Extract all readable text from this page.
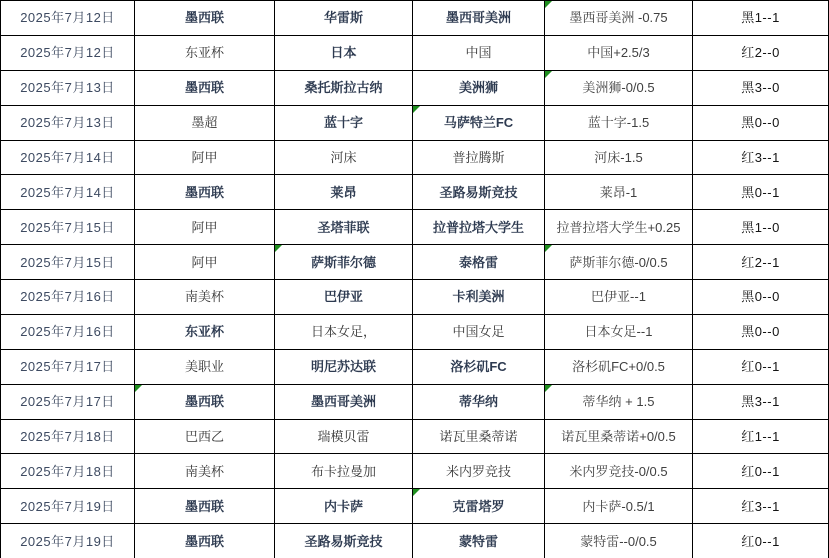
2025年7月12日	墨西联	华雷斯	墨西哥美洲	墨西哥美洲 -0.75	黑1--1
2025年7月12日	东亚杯	日本	中国	中国+2.5/3	红2--0
2025年7月13日	墨西联	桑托斯拉古纳	美洲狮	美洲狮-0/0.5	黑3--0
2025年7月13日	墨超	蓝十字	马萨特兰FC	蓝十字-1.5	黑0--0
2025年7月14日	阿甲	河床	普拉腾斯	河床-1.5	红3--1
2025年7月14日	墨西联	莱昂	圣路易斯竞技	莱昂-1	黑0--1
2025年7月15日	阿甲	圣塔菲联	拉普拉塔大学生	拉普拉塔大学生+0.25	黑1--0
2025年7月15日	阿甲	萨斯菲尔德	泰格雷	萨斯菲尔德-0/0.5	红2--1
2025年7月16日	南美杯	巴伊亚	卡利美洲	巴伊亚--1	黑0--0
2025年7月16日	东亚杯	日本女足，	中国女足	日本女足--1	黑0--0
2025年7月17日	美职业	明尼苏达联	洛杉矶FC	洛杉矶FC+0/0.5	红0--1
2025年7月17日	墨西联	墨西哥美洲	蒂华纳	蒂华纳 + 1.5	黑3--1
2025年7月18日	巴西乙	瑞模贝雷	诺瓦里桑蒂诺	诺瓦里桑蒂诺+0/0.5	红1--1
2025年7月18日	南美杯	布卡拉曼加	米内罗竞技	米内罗竞技-0/0.5	红0--1
2025年7月19日	墨西联	内卡萨	克雷塔罗	内卡萨-0.5/1	红3--1
2025年7月19日	墨西联	圣路易斯竞技	蒙特雷	蒙特雷--0/0.5	红0--1
